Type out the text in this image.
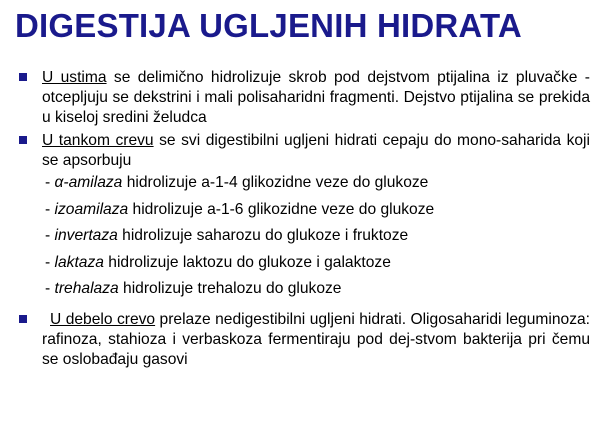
DIGESTIJA UGLJENIH HIDRATA
U ustima se delimično hidrolizuje skrob pod dejstvom ptijalina iz pluvačke - otcepljuju se dekstrini i mali polisaharidni fragmenti. Dejstvo ptijalina se prekida u kiseloj sredini želudca
U tankom crevu se svi digestibilni ugljeni hidrati cepaju do mono-saharida koji se apsorbuju
- α-amilaza hidrolizuje a-1-4 glikozidne veze do glukoze
- izoamilaza hidrolizuje a-1-6 glikozidne veze do glukoze
- invertaza hidrolizuje saharozu do glukoze i fruktoze
- laktaza hidrolizuje laktozu do glukoze i galaktoze
- trehalaza hidrolizuje trehalozu do glukoze
U debelo crevo prelaze nedigestibilni ugljeni hidrati. Oligosaharidi leguminoza: rafinoza, stahioza i verbaskoza fermentiraju pod dej-stvom bakterija pri čemu se oslobađaju gasovi
